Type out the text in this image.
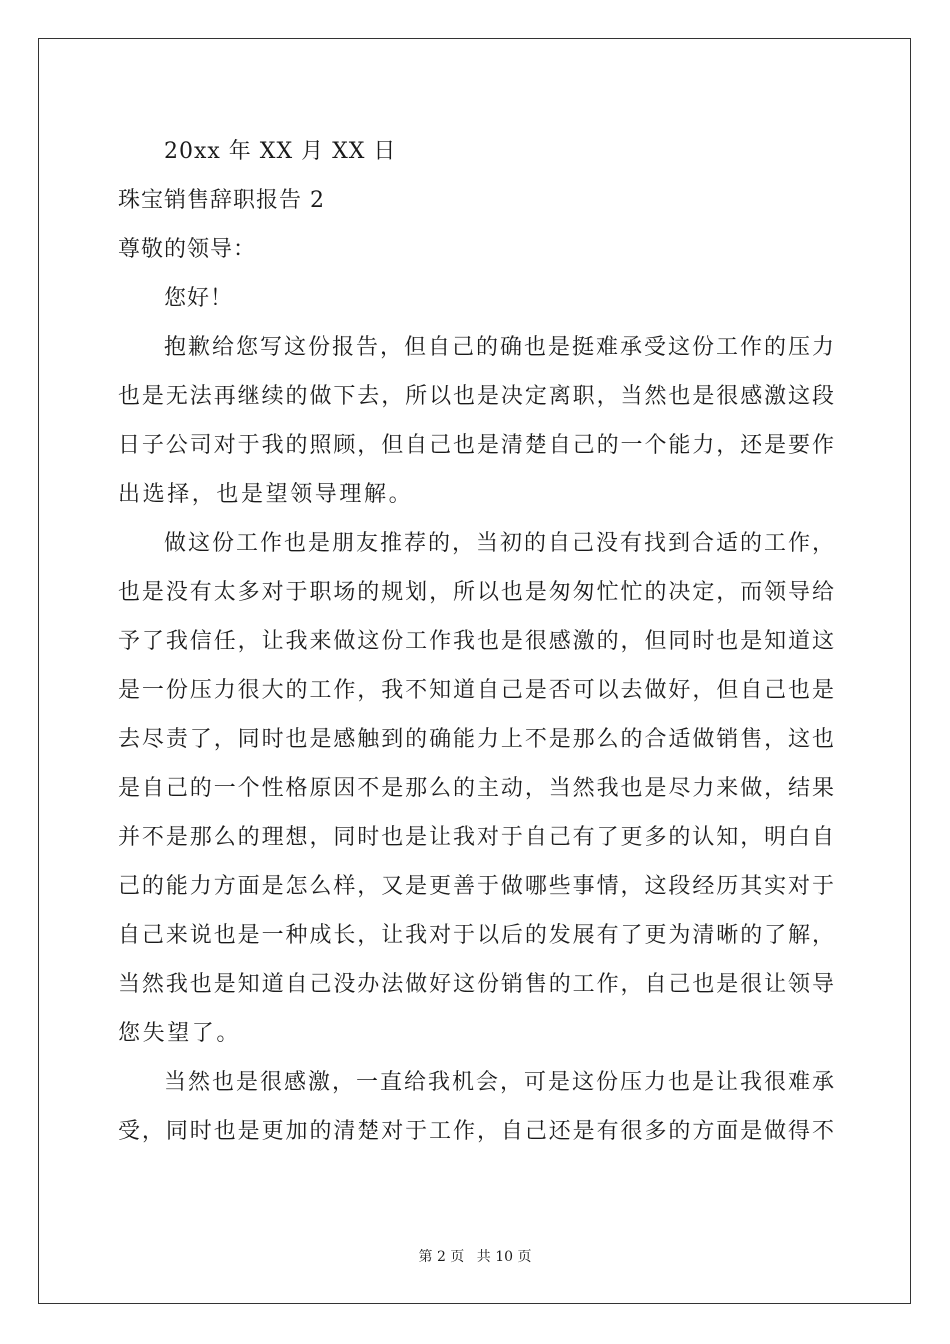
20xx 年 XX 月 XX 日
珠宝销售辞职报告 2
尊敬的领导：
您好！
抱歉给您写这份报告，但自己的确也是挺难承受这份工作的压力
也是无法再继续的做下去，所以也是决定离职，当然也是很感激这段
日子公司对于我的照顾，但自己也是清楚自己的一个能力，还是要作
出选择，也是望领导理解。
做这份工作也是朋友推荐的，当初的自己没有找到合适的工作，
也是没有太多对于职场的规划，所以也是匆匆忙忙的决定，而领导给
予了我信任，让我来做这份工作我也是很感激的，但同时也是知道这
是一份压力很大的工作，我不知道自己是否可以去做好，但自己也是
去尽责了，同时也是感触到的确能力上不是那么的合适做销售，这也
是自己的一个性格原因不是那么的主动，当然我也是尽力来做，结果
并不是那么的理想，同时也是让我对于自己有了更多的认知，明白自
己的能力方面是怎么样，又是更善于做哪些事情，这段经历其实对于
自己来说也是一种成长，让我对于以后的发展有了更为清晰的了解，
当然我也是知道自己没办法做好这份销售的工作，自己也是很让领导
您失望了。
当然也是很感激，一直给我机会，可是这份压力也是让我很难承
受，同时也是更加的清楚对于工作，自己还是有很多的方面是做得不
第 2 页 共 10 页
